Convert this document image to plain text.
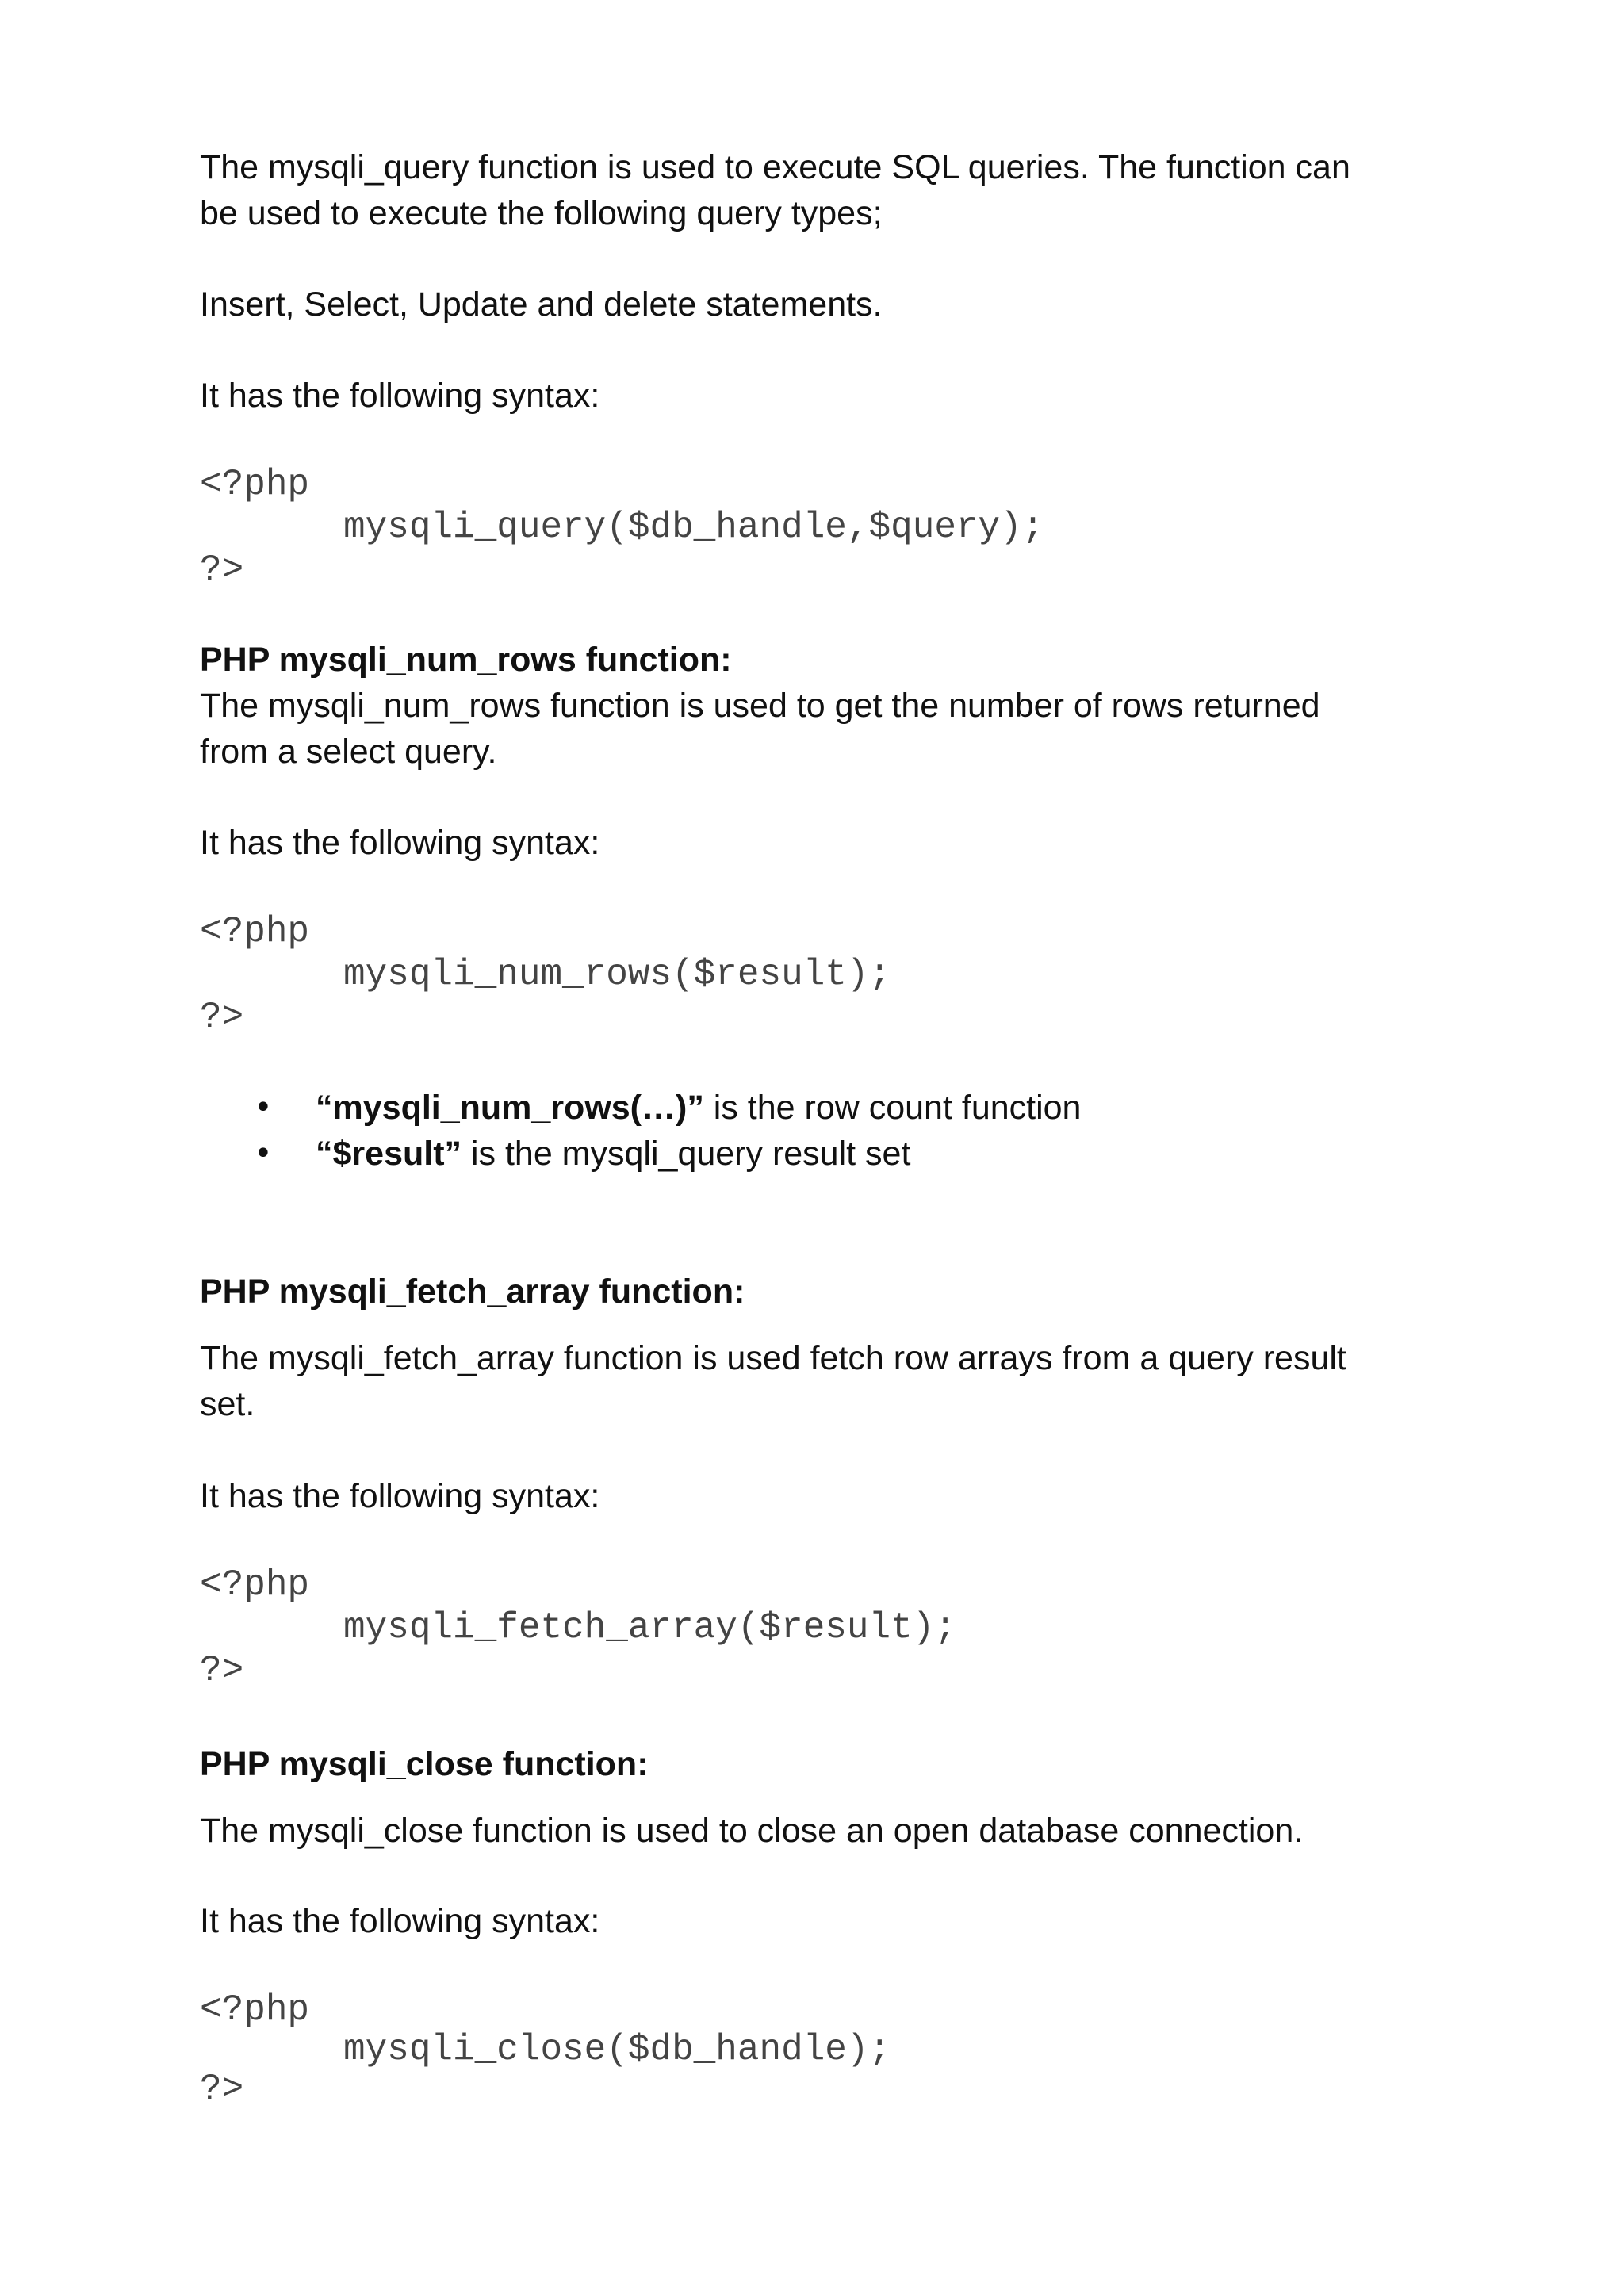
The mysqli_query function is used to execute SQL queries. The function can

be used to execute the following query types;

Insert, Select, Update and delete statements.

It has the following syntax:

<?php

mysqli_query($db_handle,$query);

?>

PHP mysqli_num_rows function:

The mysqli_num_rows function is used to get the number of rows returned

from a select query.

It has the following syntax:

<?php

mysqli_num_rows($result);

?>

• “mysqli_num_rows(…)” is the row count function
• “$result” is the mysqli_query result set

PHP mysqli_fetch_array function:

The mysqli_fetch_array function is used fetch row arrays from a query result

set.

It has the following syntax:

<?php

mysqli_fetch_array($result);

?>

PHP mysqli_close function:

The mysqli_close function is used to close an open database connection.

It has the following syntax:

<?php

mysqli_close($db_handle);

?>
